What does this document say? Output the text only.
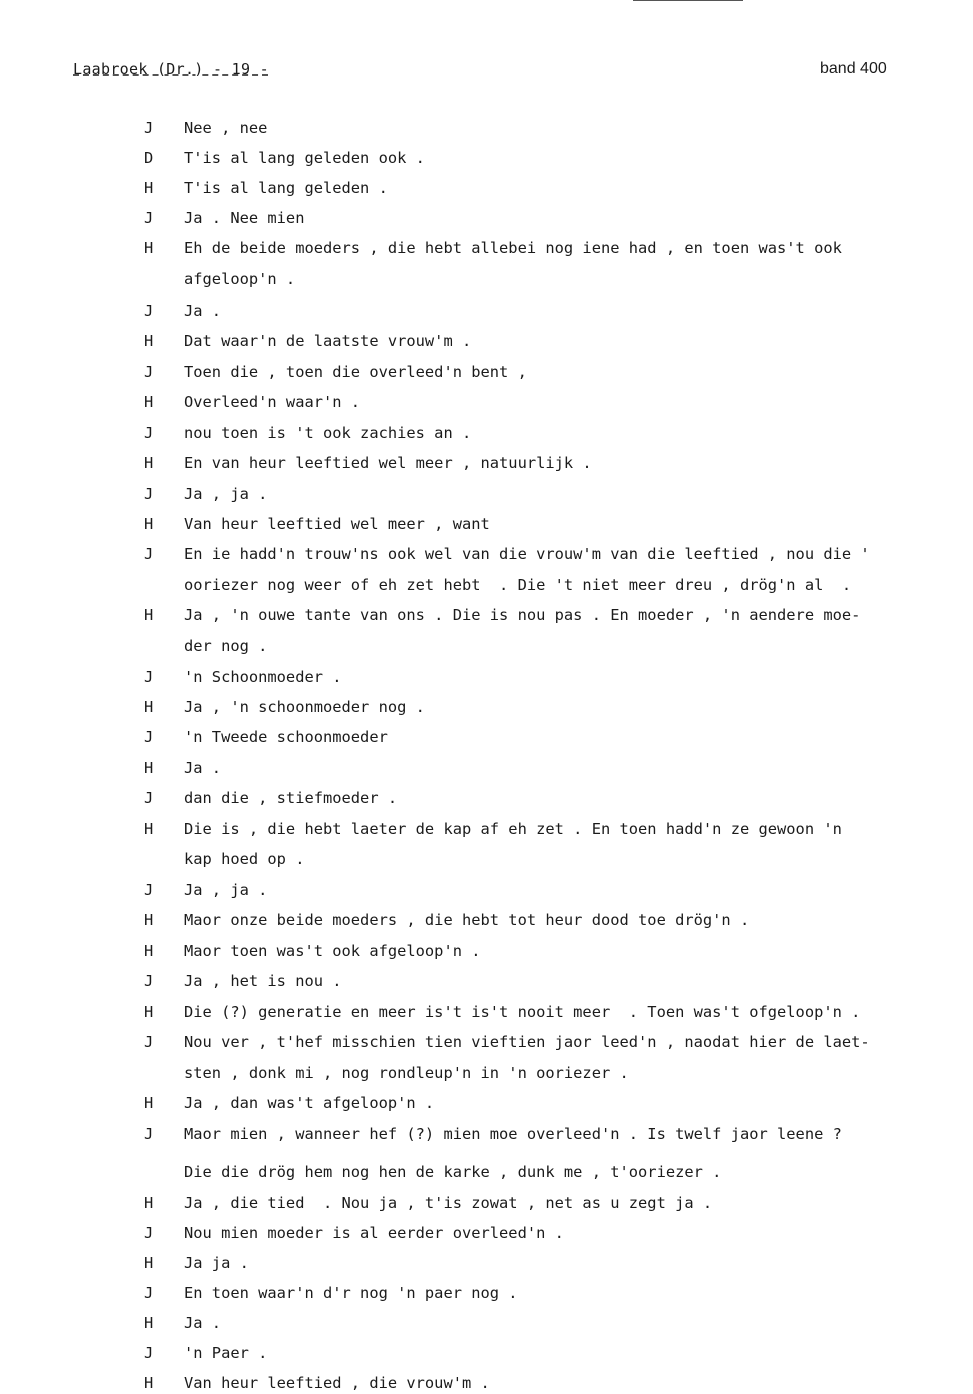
Laabroek (Dr.) - 19 -	band 400
J	Nee , nee
D	T'is al lang geleden ook .
H	T'is al lang geleden .
J	Ja . Nee mien
H	Eh de beide moeders , die hebt allebei nog iene had , en toen was't ook
afgeloop'n .
J	Ja .
H	Dat waar'n de laatste vrouw'm .
J	Toen die , toen die overleed'n bent ,
H	Overleed'n waar'n .
J	nou toen is 't ook zachies an .
H	En van heur leeftied wel meer , natuurlijk .
J	Ja , ja .
H	Van heur leeftied wel meer , want
J	En ie hadd'n trouw'ns ook wel van die vrouw'm van die leeftied , nou die '
ooriezer nog weer of eh zet hebt  . Die 't niet meer dreu , drög'n al  .
H	Ja , 'n ouwe tante van ons . Die is nou pas . En moeder , 'n aendere moe-
der nog .
J	'n Schoonmoeder .
H	Ja , 'n schoonmoeder nog .
J	'n Tweede schoonmoeder
H	Ja .
J	dan die , stiefmoeder .
H	Die is , die hebt laeter de kap af eh zet . En toen hadd'n ze gewoon 'n
kap hoed op .
J	Ja , ja .
H	Maor onze beide moeders , die hebt tot heur dood toe drög'n .
H	Maor toen was't ook afgeloop'n .
J	Ja , het is nou .
H	Die (?) generatie en meer is't is't nooit meer  . Toen was't ofgeloop'n .
J	Nou ver , t'hef misschien tien vieftien jaor leed'n , naodat hier de laet-
sten , donk mi , nog rondleup'n in 'n ooriezer .
H	Ja , dan was't afgeloop'n .
J	Maor mien , wanneer hef (?) mien moe overleed'n . Is twelf jaor leene ?
Die die drög hem nog hen de karke , dunk me , t'ooriezer .
H	Ja , die tied  . Nou ja , t'is zowat , net as u zegt ja .
J	Nou mien moeder is al eerder overleed'n .
H	Ja ja .
J	En toen waar'n d'r nog 'n paer nog .
H	Ja .
J	'n Paer .
H	Van heur leeftied , die vrouw'm .
